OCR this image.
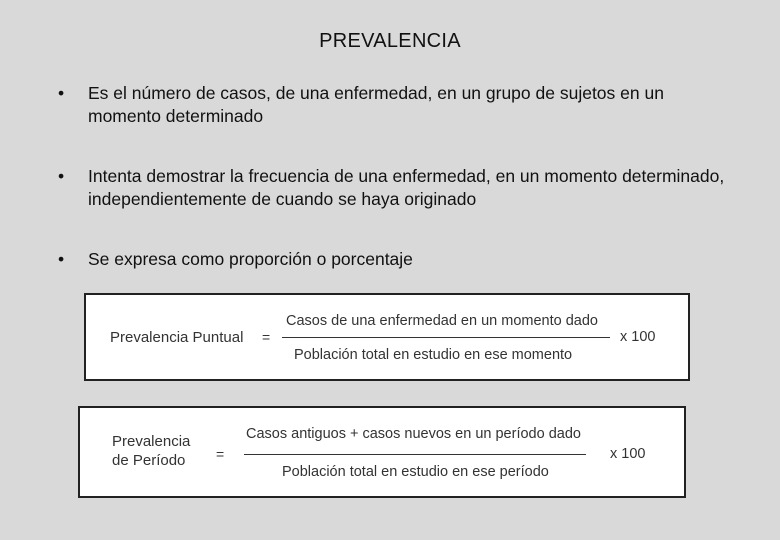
PREVALENCIA
• Es el número de casos, de una enfermedad, en un grupo de sujetos en un momento determinado
• Intenta demostrar la frecuencia de una enfermedad, en un momento determinado, independientemente de cuando se haya originado
• Se expresa como proporción o porcentaje
Prevalencia Puntual =
Casos de una enfermedad en un momento dado
Población total en estudio en ese momento
x 100
Prevalencia
de Período =
Casos antiguos + casos nuevos en un período dado
Población total en estudio en ese período
x 100
